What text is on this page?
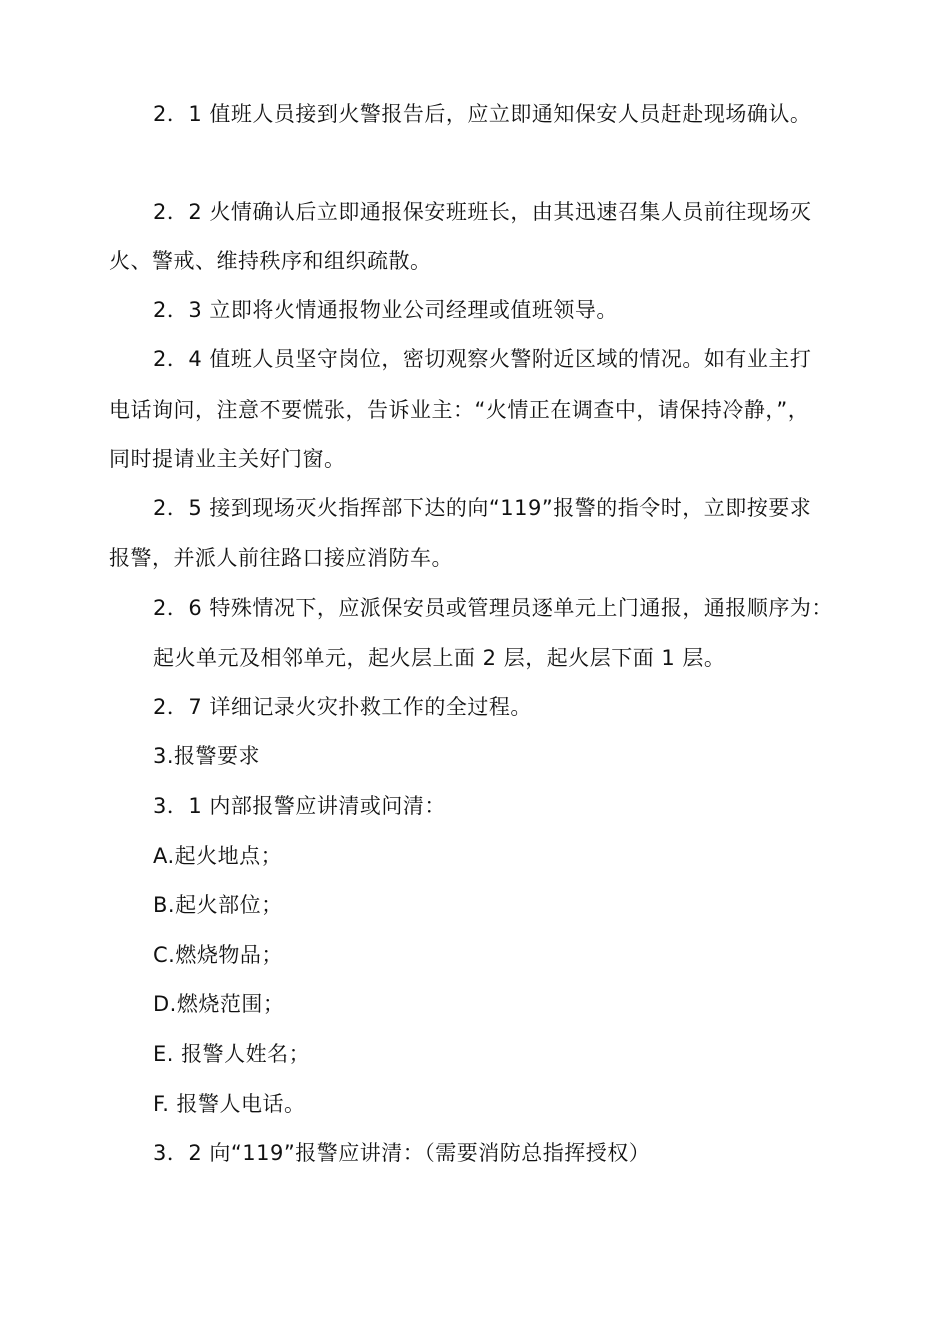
2．1 值班人员接到火警报告后，应立即通知保安人员赶赴现场确认。
2．2 火情确认后立即通报保安班班长，由其迅速召集人员前往现场灭
火、警戒、维持秩序和组织疏散。
2．3 立即将火情通报物业公司经理或值班领导。
2．4 值班人员坚守岗位，密切观察火警附近区域的情况。如有业主打
电话询问，注意不要慌张，告诉业主：“火情正在调查中，请保持冷静，”，
同时提请业主关好门窗。
2．5 接到现场灭火指挥部下达的向“119”报警的指令时，立即按要求
报警，并派人前往路口接应消防车。
2．6 特殊情况下，应派保安员或管理员逐单元上门通报，通报顺序为：
起火单元及相邻单元，起火层上面 2 层，起火层下面 1 层。
2．7 详细记录火灾扑救工作的全过程。
3.报警要求
3．1 内部报警应讲清或问清：
A.起火地点；
B.起火部位；
C.燃烧物品；
D.燃烧范围；
E. 报警人姓名；
F. 报警人电话。
3．2 向“119”报警应讲清：（需要消防总指挥授权）
